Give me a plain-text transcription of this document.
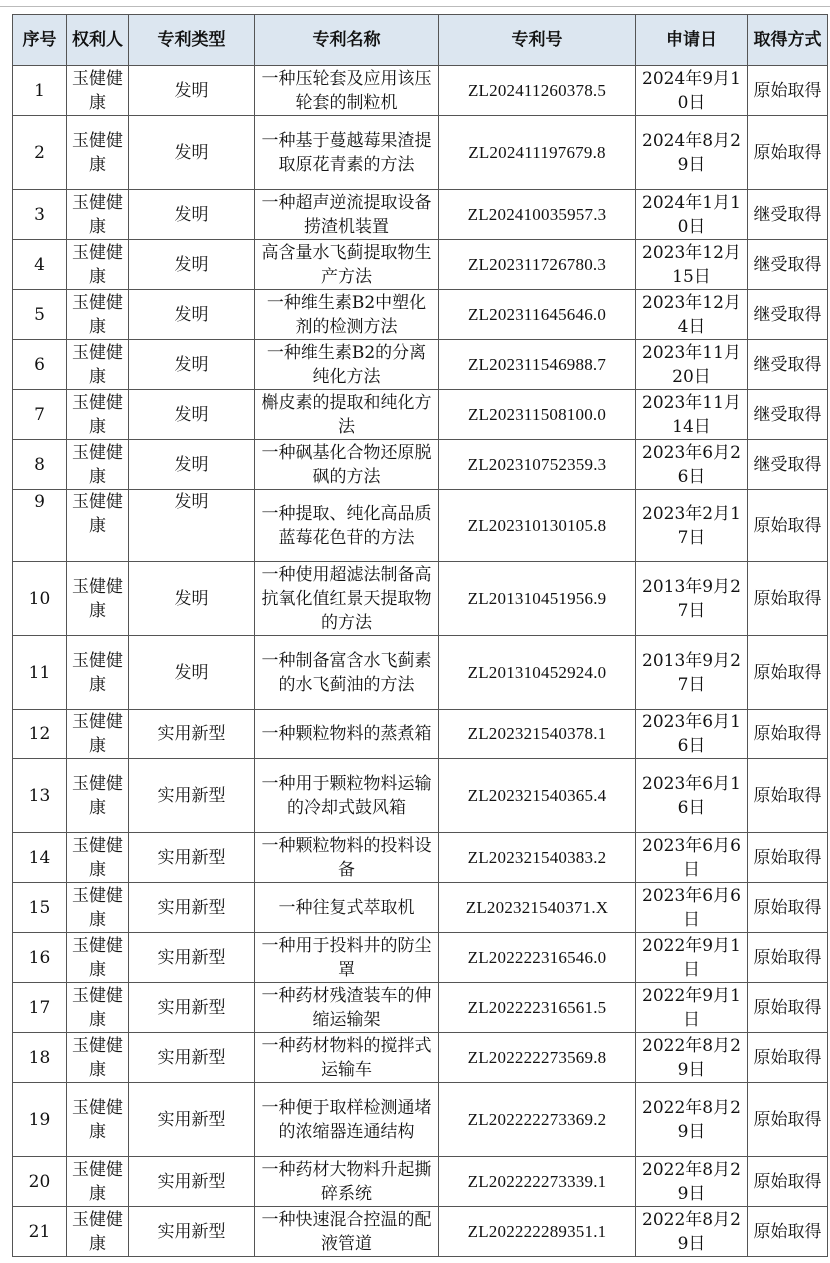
序号	权利人	专利类型	专利名称	专利号	申请日	取得方式
1	玉健健康	发明	一种压轮套及应用该压轮套的制粒机	ZL202411260378.5	2024年9月10日	原始取得
2	玉健健康	发明	一种基于蔓越莓果渣提取原花青素的方法	ZL202411197679.8	2024年8月29日	原始取得
3	玉健健康	发明	一种超声逆流提取设备捞渣机装置	ZL202410035957.3	2024年1月10日	继受取得
4	玉健健康	发明	高含量水飞蓟提取物生产方法	ZL202311726780.3	2023年12月15日	继受取得
5	玉健健康	发明	一种维生素B2中塑化剂的检测方法	ZL202311645646.0	2023年12月4日	继受取得
6	玉健健康	发明	一种维生素B2的分离纯化方法	ZL202311546988.7	2023年11月20日	继受取得
7	玉健健康	发明	槲皮素的提取和纯化方法	ZL202311508100.0	2023年11月14日	继受取得
8	玉健健康	发明	一种砜基化合物还原脱砜的方法	ZL202310752359.3	2023年6月26日	继受取得
9	玉健健康	发明	一种提取、纯化高品质蓝莓花色苷的方法	ZL202310130105.8	2023年2月17日	原始取得
10	玉健健康	发明	一种使用超滤法制备高抗氧化值红景天提取物的方法	ZL201310451956.9	2013年9月27日	原始取得
11	玉健健康	发明	一种制备富含水飞蓟素的水飞蓟油的方法	ZL201310452924.0	2013年9月27日	原始取得
12	玉健健康	实用新型	一种颗粒物料的蒸煮箱	ZL202321540378.1	2023年6月16日	原始取得
13	玉健健康	实用新型	一种用于颗粒物料运输的冷却式鼓风箱	ZL202321540365.4	2023年6月16日	原始取得
14	玉健健康	实用新型	一种颗粒物料的投料设备	ZL202321540383.2	2023年6月6日	原始取得
15	玉健健康	实用新型	一种往复式萃取机	ZL202321540371.X	2023年6月6日	原始取得
16	玉健健康	实用新型	一种用于投料井的防尘罩	ZL202222316546.0	2022年9月1日	原始取得
17	玉健健康	实用新型	一种药材残渣装车的伸缩运输架	ZL202222316561.5	2022年9月1日	原始取得
18	玉健健康	实用新型	一种药材物料的搅拌式运输车	ZL202222273569.8	2022年8月29日	原始取得
19	玉健健康	实用新型	一种便于取样检测通堵的浓缩器连通结构	ZL202222273369.2	2022年8月29日	原始取得
20	玉健健康	实用新型	一种药材大物料升起撕碎系统	ZL202222273339.1	2022年8月29日	原始取得
21	玉健健康	实用新型	一种快速混合控温的配液管道	ZL202222289351.1	2022年8月29日	原始取得
